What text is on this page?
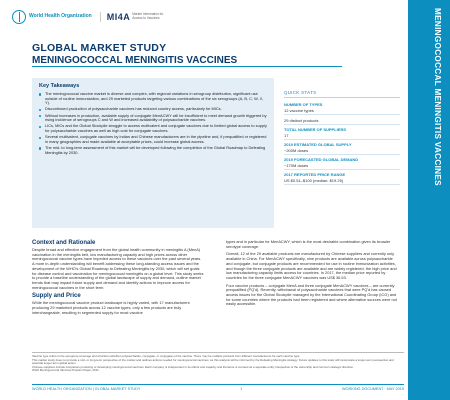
World Health Organization MI4A Market Information for Access to Vaccines
GLOBAL MARKET STUDY
MENINGOCOCCAL MENINGITIS VACCINES
Key Takeaways
The meningococcal vaccine market is diverse and complex, with regional variations in serogroup distribution, significant use outside of routine immunization, and 29 marketed products targeting various combinations of the six serogroups (A, B, C, W, X, Y).
Discontinued production of polysaccharide vaccines has reduced country access, particularly for MICs.
Without increases in production, available supply of conjugate MenACWY will be insufficient to meet demand growth triggered by rising incidence of serogroups C and W and increased availability of polysaccharide vaccines.
LICs, MICs and the Global Stockpile struggle to access multivalent and conjugate vaccines due to limited global access to supply for polysaccharide vaccines as well as high cost for conjugate vaccines.
Several multivalent, conjugate vaccines by Indian and Chinese manufacturers are in the pipeline and, if prequalified or registered in many geographies and made available at acceptable prices, could increase global access.
The mid- to long-term assessment of this market will be developed following the completion of the Global Roadmap to Defeating Meningitis by 2030.
QUICK STATS
NUMBER OF TYPES
12 vaccine types
29 distinct products
TOTAL NUMBER OF SUPPLIERS
17
2019 ESTIMATED GLOBAL SUPPLY
~200M doses
2019 FORECASTED GLOBAL DEMAND
~170M doses
2017 REPORTED PRICE RANGE
US $0.51–$100 (median: $19.25)	MENINGOCOCCAL MENINGITIS VACCINES
Context and Rationale

Despite broad and effective engagement from the global health community in meningitis A (MenA) vaccination in the meningitis belt, low manufacturing capacity and high prices across other meningococcal vaccine types have impeded access to these vaccines over the past several years. A more in-depth understanding will benefit addressing these long-standing access issues and the development of the WHO's Global Roadmap to Defeating Meningitis by 2030, which will set goals for disease control and vaccination for meningococcal meningitis on a global level. This study seeks to provide a baseline understanding of the global landscape of supply and demand, outline market trends that may impact future supply and demand and identify actions to improve access for meningococcal vaccines in the short term.

Supply and Price

While the meningococcal vaccine product landscape is highly varied, with 17 manufacturers producing 29 marketed products across 12 vaccine types, only a few products are truly interchangeable, resulting in segmented supply for most vaccine

types and in particular for MenACWY, which is the most desirable combination given its broader serotype coverage.

Overall, 12 of the 29 available products are manufactured by Chinese suppliers and currently only available in China. For MenACWY specifically, nine products are available across polysaccharide and conjugate, but conjugate products are recommended for use in routine immunization activities, and though the three conjugate products are available and are widely registered, the high price and low manufacturing capacity limits access for countries. In 2017, the median price reported by countries for the three conjugate MenACWY vaccines was US$ 36.53.

Four vaccine products – conjugate MenA and three conjugate MenACWY vaccines – are currently prequalified (PQ'd). Recently, withdrawal of polysaccharide vaccines that were PQ'd has caused access issues for the Global Stockpile managed by the International Coordinating Group (ICG) and for some countries where the products had been registered and where alternative sources were not easily accessible.

Vaccine type refers to the serogroup coverage and structure (whether polysaccharide, conjugate, or conjugate) of the vaccine. There may be multiple products from different manufacturers for each vaccine type.

This market study does not provide a mid- or long-term perspective of the market and outlines actions needed for meningococcal vaccines; as this analysis will be informed by the Defeating Meningitis strategy. Future updates to this study will incorporate a longer-term perspective and potential longer-term global action.

Chinese suppliers include companies producing or developing meningococcal vaccines. Each company is independent in its efforts and capacity and therefore is counted as a separate entity irrespective of the ownership and common strategic direction.

WHO Meningococcal Vaccines Position Paper, 2011.

WORLD HEALTH ORGANIZATION | GLOBAL MARKET STUDY	1	WORKING DOCUMENT : MAY 2019
